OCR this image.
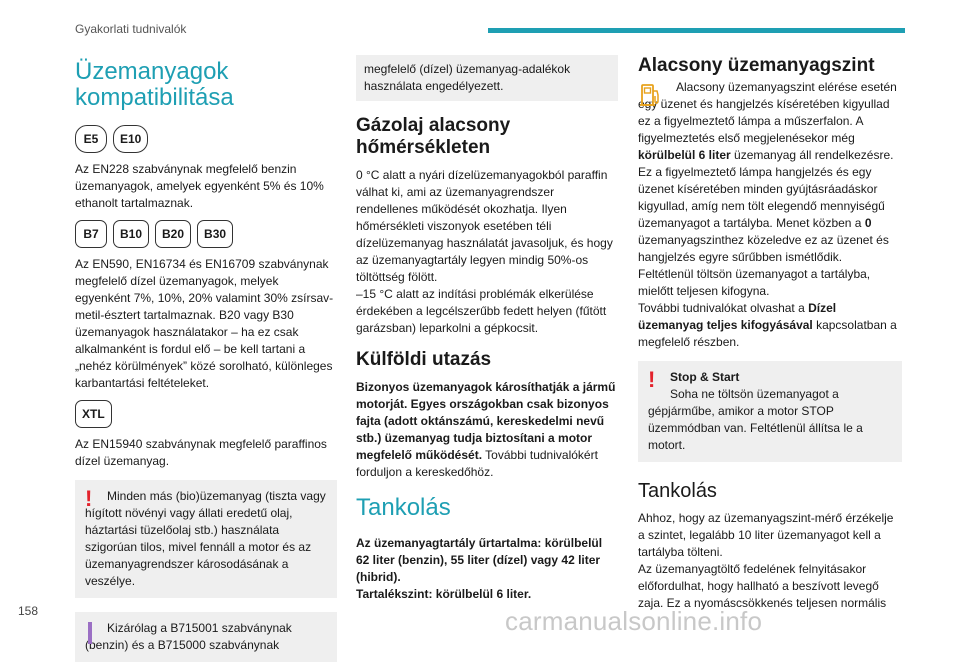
Gyakorlati tudnivalók
Üzemanyagok kompatibilitása
E5	E10

Az EN228 szabványnak megfelelő benzin üzemanyagok, amelyek egyenként 5% és 10% ethanolt tartalmaznak.

B7	B10	B20	B30

Az EN590, EN16734 és EN16709 szabványnak megfelelő dízel üzemanyagok, melyek egyenként 7%, 10%, 20% valamint 30% zsírsav-metil-észtert tartalmaznak. B20 vagy B30 üzemanyagok használatakor – ha ez csak alkalmanként is fordul elő – be kell tartani a „nehéz körülmények” közé sorolható, különleges karbantartási feltételeket.

XTL

Az EN15940 szabványnak megfelelő paraffinos dízel üzemanyag.

!	Minden más (bio)üzemanyag (tiszta vagy hígított növényi vagy állati eredetű olaj, háztartási tüzelőolaj stb.) használata szigorúan tilos, mivel fennáll a motor és az üzemanyagrendszer károsodásának a veszélye.

Kizárólag a B715001 szabványnak (benzin) és a B715000 szabványnak

megfelelő (dízel) üzemanyag-adalékok használata engedélyezett.

Gázolaj alacsony hőmérsékleten

0 °C alatt a nyári dízelüzemanyagokból paraffin válhat ki, ami az üzemanyagrendszer rendellenes működését okozhatja. Ilyen hőmérsékleti viszonyok esetében téli dízelüzemanyag használatát javasoljuk, és hogy az üzemanyagtartály legyen mindig 50%-os töltöttség fölött.

–15 °C alatt az indítási problémák elkerülése érdekében a legcélszerűbb fedett helyen (fűtött garázsban) leparkolni a gépkocsit.

Külföldi utazás

Bizonyos üzemanyagok károsíthatják a jármű motorját. Egyes országokban csak bizonyos fajta (adott oktánszámú, kereskedelmi nevű stb.) üzemanyag tudja biztosítani a motor megfelelő működését. További tudnivalókért forduljon a kereskedőhöz.

Tankolás

Az üzemanyagtartály űrtartalma: körülbelül 62 liter (benzin), 55 liter (dízel) vagy 42 liter (hibrid).

Tartalékszint: körülbelül 6 liter.

Alacsony üzemanyagszint

Alacsony üzemanyagszint elérése esetén egy üzenet és hangjelzés kíséretében kigyullad ez a figyelmeztető lámpa a műszerfalon. A figyelmeztetés első megjelenésekor még körülbelül 6 liter üzemanyag áll rendelkezésre.

Ez a figyelmeztető lámpa hangjelzés és egy üzenet kíséretében minden gyújtásráadáskor kigyullad, amíg nem tölt elegendő mennyiségű üzemanyagot a tartályba. Menet közben a 0 üzemanyagszinthez közeledve ez az üzenet és hangjelzés egyre sűrűbben ismétlődik.

Feltétlenül töltsön üzemanyagot a tartályba, mielőtt teljesen kifogyna.

További tudnivalókat olvashat a Dízel üzemanyag teljes kifogyásával kapcsolatban a megfelelő részben.

!	Stop & Start

Soha ne töltsön üzemanyagot a gépjárműbe, amikor a motor STOP üzemmódban van. Feltétlenül állítsa le a motort.

Tankolás

Ahhoz, hogy az üzemanyagszint-mérő érzékelje a szintet, legalább 10 liter üzemanyagot kell a tartályba tölteni.

Az üzemanyagtöltő fedelének felnyitásakor előfordulhat, hogy hallható a beszívott levegő zaja. Ez a nyomáscsökkenés teljesen normális

158	carmanualsonline.info
